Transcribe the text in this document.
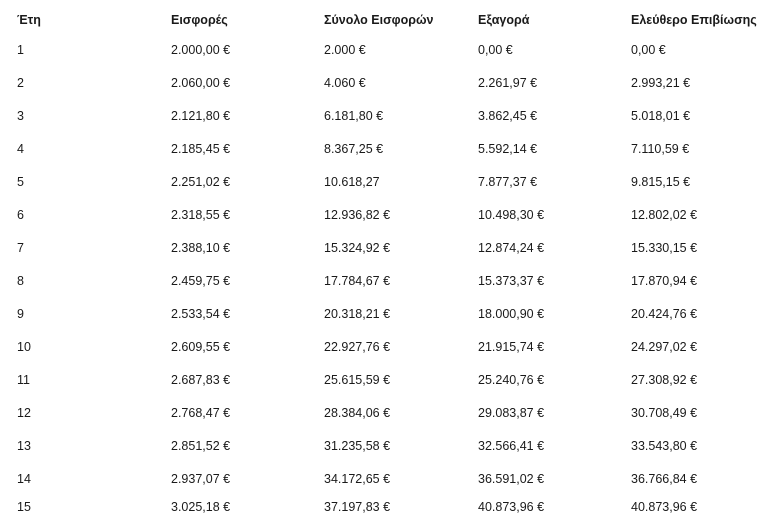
Έτη	Εισφορές	Σύνολο Εισφορών	Εξαγορά	Ελεύθερο Επιβίωσης
1	2.000,00 €	2.000 €	0,00 €	0,00 €
2	2.060,00 €	4.060 €	2.261,97 €	2.993,21 €
3	2.121,80 €	6.181,80 €	3.862,45 €	5.018,01 €
4	2.185,45 €	8.367,25 €	5.592,14 €	7.110,59 €
5	2.251,02 €	10.618,27	7.877,37 €	9.815,15 €
6	2.318,55 €	12.936,82 €	10.498,30 €	12.802,02 €
7	2.388,10 €	15.324,92 €	12.874,24 €	15.330,15 €
8	2.459,75 €	17.784,67 €	15.373,37 €	17.870,94 €
9	2.533,54 €	20.318,21 €	18.000,90 €	20.424,76 €
10	2.609,55 €	22.927,76 €	21.915,74 €	24.297,02 €
11	2.687,83 €	25.615,59 €	25.240,76 €	27.308,92 €
12	2.768,47 €	28.384,06 €	29.083,87 €	30.708,49 €
13	2.851,52 €	31.235,58 €	32.566,41 €	33.543,80 €
14	2.937,07 €	34.172,65 €	36.591,02 €	36.766,84 €
15	3.025,18 €	37.197,83 €	40.873,96 €	40.873,96 €
